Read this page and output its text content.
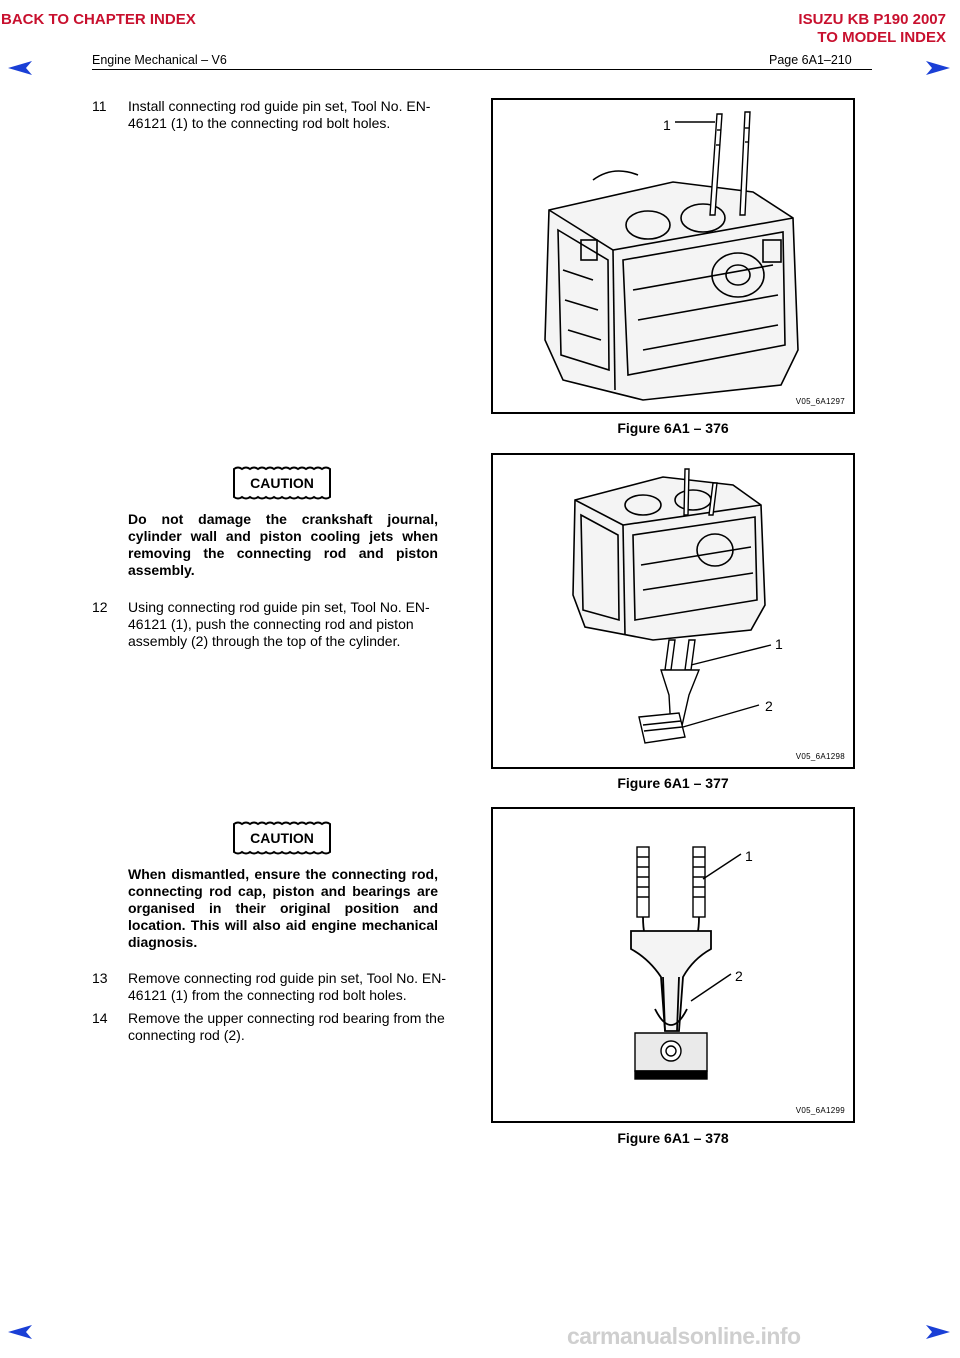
BACK TO CHAPTER INDEX	ISUZU KB P190 2007
TO MODEL INDEX
Engine Mechanical – V6	Page 6A1–210
11 Install connecting rod guide pin set, Tool No. EN-46121 (1) to the connecting rod bolt holes.	1
V05_6A1297
Figure 6A1 – 376
CAUTION
Do not damage the crankshaft journal, cylinder wall and piston cooling jets when removing the connecting rod and piston assembly.
12 Using connecting rod guide pin set, Tool No. EN-46121 (1), push the connecting rod and piston assembly (2) through the top of the cylinder.	1
2
V05_6A1298
Figure 6A1 – 377
CAUTION
When dismantled, ensure the connecting rod, connecting rod cap, piston and bearings are organised in their original position and location. This will also aid engine mechanical diagnosis.
13 Remove connecting rod guide pin set, Tool No. EN-46121 (1) from the connecting rod bolt holes.
14 Remove the upper connecting rod bearing from the connecting rod (2).
1
2
V05_6A1299
Figure 6A1 – 378
carmanualsonline.info
